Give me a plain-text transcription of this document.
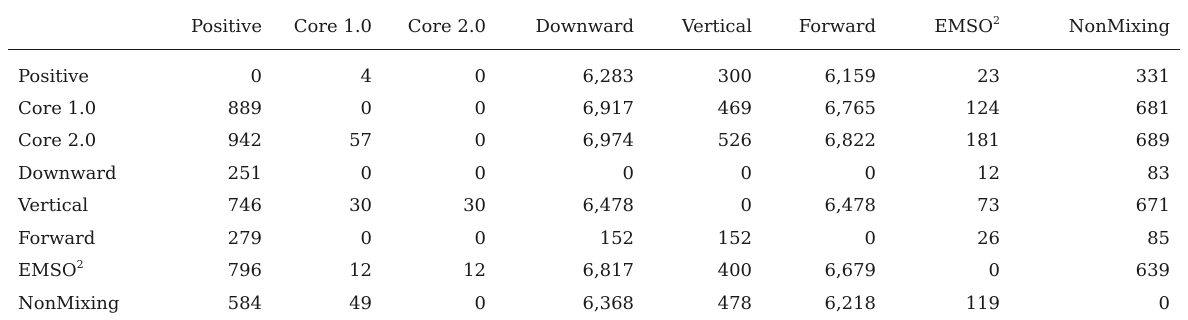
	Positive	Core 1.0	Core 2.0	Downward	Vertical	Forward	EMSO$^2$	NonMixing
Positive	0	4	0	6,283	300	6,159	23	331
Core 1.0	889	0	0	6,917	469	6,765	124	681
Core 2.0	942	57	0	6,974	526	6,822	181	689
Downward	251	0	0	0	0	0	12	83
Vertical	746	30	30	6,478	0	6,478	73	671
Forward	279	0	0	152	152	0	26	85
EMSO$^2$	796	12	12	6,817	400	6,679	0	639
NonMixing	584	49	0	6,368	478	6,218	119	0
